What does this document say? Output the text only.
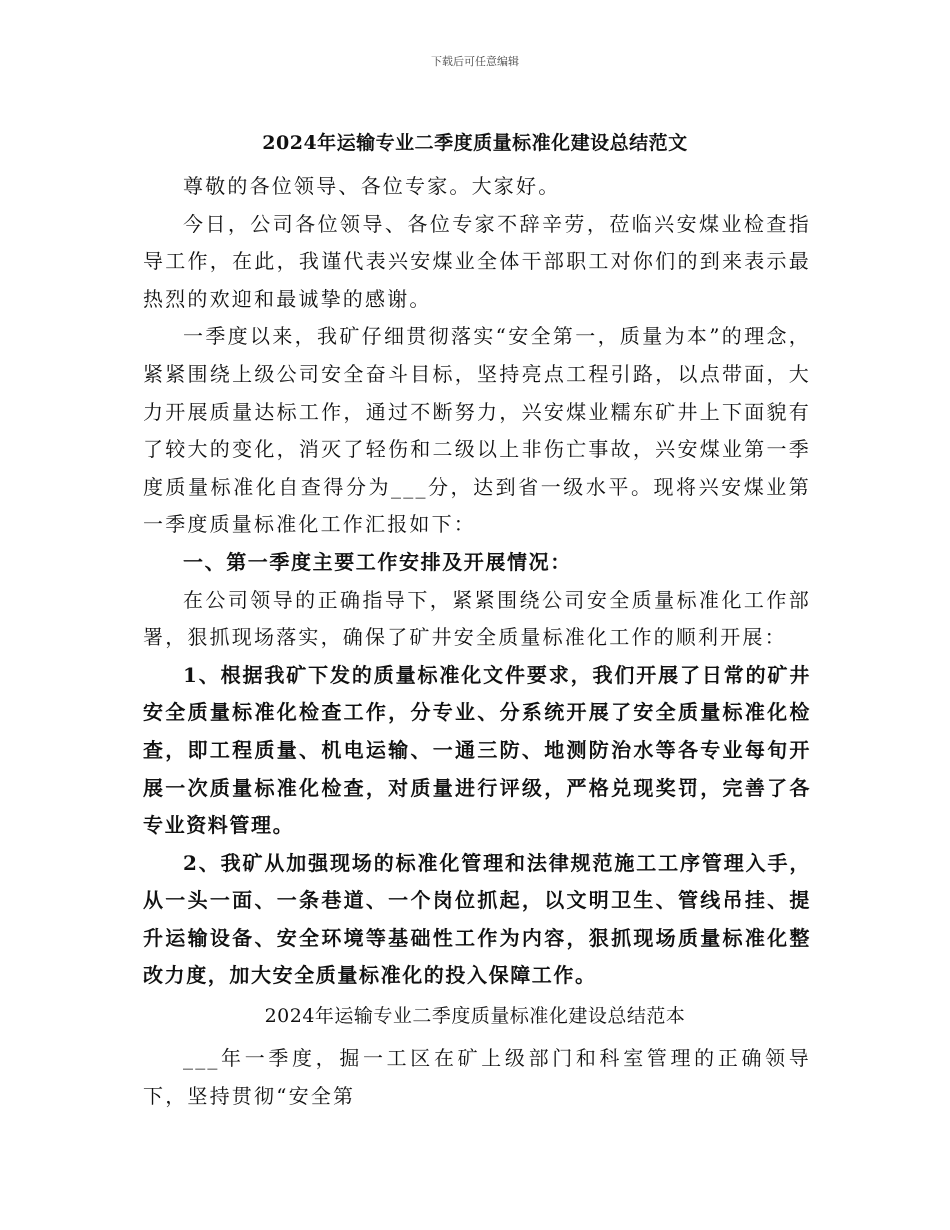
下载后可任意编辑
2024年运输专业二季度质量标准化建设总结范文

尊敬的各位领导、各位专家。大家好。

今日，公司各位领导、各位专家不辞辛劳，莅临兴安煤业检查指导工作，在此，我谨代表兴安煤业全体干部职工对你们的到来表示最热烈的欢迎和最诚挚的感谢。

一季度以来，我矿仔细贯彻落实“安全第一，质量为本”的理念，紧紧围绕上级公司安全奋斗目标，坚持亮点工程引路，以点带面，大力开展质量达标工作，通过不断努力，兴安煤业糯东矿井上下面貌有了较大的变化，消灭了轻伤和二级以上非伤亡事故，兴安煤业第一季度质量标准化自查得分为___分，达到省一级水平。现将兴安煤业第一季度质量标准化工作汇报如下：

一、第一季度主要工作安排及开展情况：

在公司领导的正确指导下，紧紧围绕公司安全质量标准化工作部署，狠抓现场落实，确保了矿井安全质量标准化工作的顺利开展：

1、根据我矿下发的质量标准化文件要求，我们开展了日常的矿井安全质量标准化检查工作，分专业、分系统开展了安全质量标准化检查，即工程质量、机电运输、一通三防、地测防治水等各专业每旬开展一次质量标准化检查，对质量进行评级，严格兑现奖罚，完善了各专业资料管理。

2、我矿从加强现场的标准化管理和法律规范施工工序管理入手，从一头一面、一条巷道、一个岗位抓起，以文明卫生、管线吊挂、提升运输设备、安全环境等基础性工作为内容，狠抓现场质量标准化整改力度，加大安全质量标准化的投入保障工作。

2024年运输专业二季度质量标准化建设总结范本

___年一季度，掘一工区在矿上级部门和科室管理的正确领导下，坚持贯彻“安全第
